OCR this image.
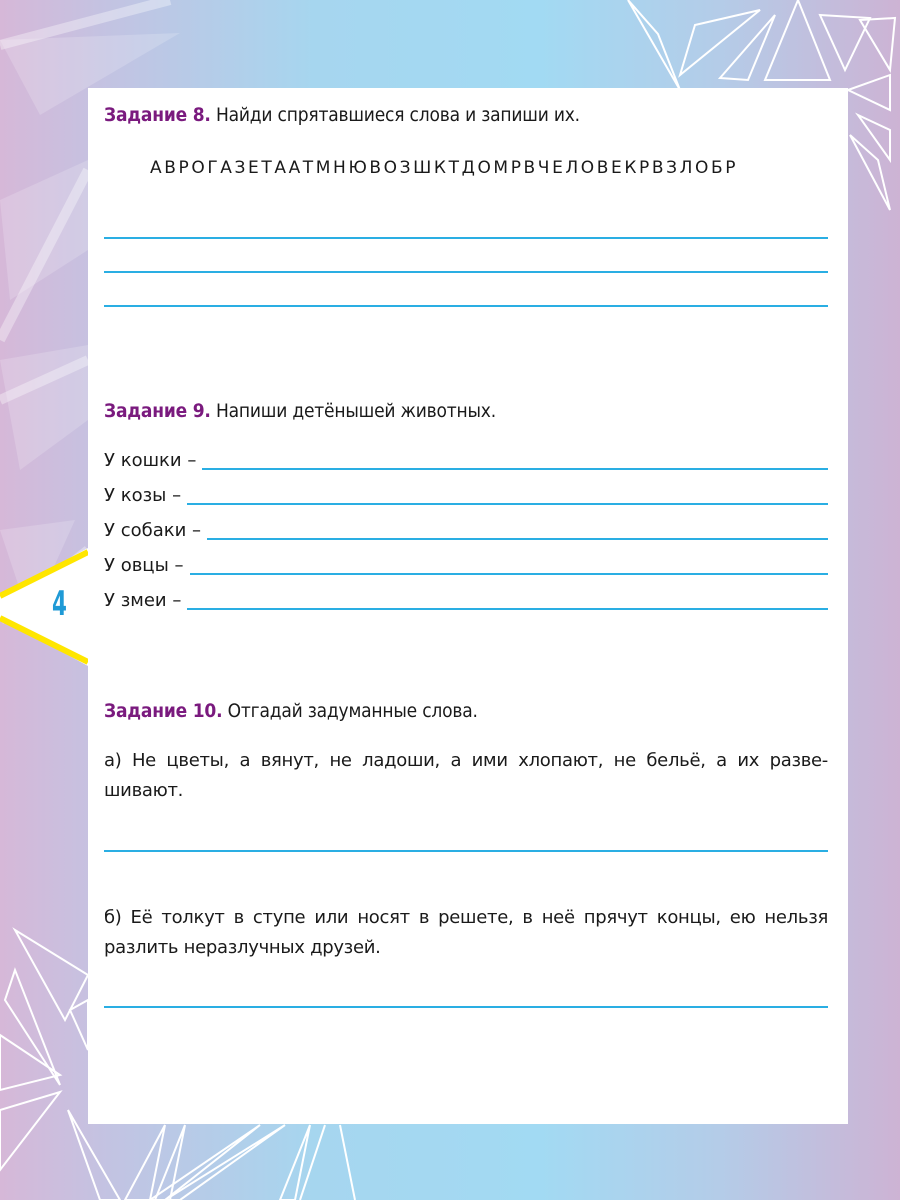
4
Задание 8. Найди спрятавшиеся слова и запиши их.
АВРОГАЗЕТААТМНЮВОЗШКТДОМРВЧЕЛОВЕКРВЗЛОБР
Задание 9. Напиши детёнышей животных.
У кошки –
У козы –
У собаки –
У овцы –
У змеи –
Задание 10. Отгадай задуманные слова.
а) Не цветы, а вянут, не ладоши, а ими хлопают, не бельё, а их разве-шивают.
б) Её толкут в ступе или носят в решете, в неё прячут концы, ею нельзя разлить неразлучных друзей.
